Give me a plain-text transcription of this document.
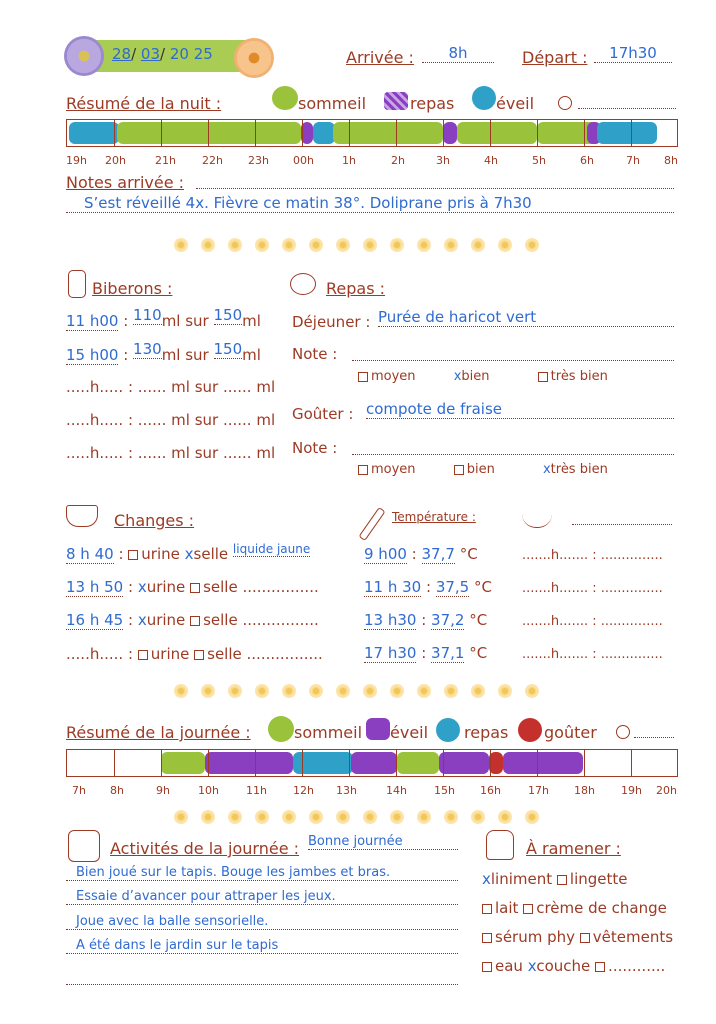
28/ 03/ 20 25	Arrivée :	8h	Départ :	17h30
Résumé de la nuit :	sommeil	repas	éveil
19h 20h	21h 22h 23h 00h	1h	2h	3h	4h	5h	6h	7h 8h
Notes arrivée :
S’est réveillé 4x. Fièvre ce matin 38°. Doliprane pris à 7h30
Biberons :
11 h00 : 110ml sur 150ml
15 h00 : 130ml sur 150ml
.....h..... : ...... ml sur ...... ml
.....h..... : ...... ml sur ...... ml
.....h..... : ...... ml sur ...... ml
Repas :
Déjeuner : Purée de haricot vert
Note :
moyen	xbien	très bien
Goûter : compote de fraise
Note :
moyen	bien	xtrès bien
Changes :
8 h 40 : urine xselle $^{liquide jaune}$
13 h 50 : xurine selle ................
16 h 45 : xurine selle ................
.....h..... : urine selle ................
Température :
9 h00 : 37,7 °C
11 h 30 : 37,5 °C
13 h30 : 37,2 °C
17 h30 : 37,1 °C
.......h....... : ...............
.......h....... : ...............
.......h....... : ...............
.......h....... : ...............
Résumé de la journée :	sommeil éveil repas goûter
7h 8h	9h	10h 11h 12h 13h	14h 15h 16h 17h 18h 19h 20h
Activités de la journée : Bonne journée
Bien joué sur le tapis. Bouge les jambes et bras.
Essaie d’avancer pour attraper les jeux.
Joue avec la balle sensorielle.
A été dans le jardin sur le tapis
À ramener :
xliniment lingette
lait crème de change
sérum phy vêtements
eau xcouche ............
